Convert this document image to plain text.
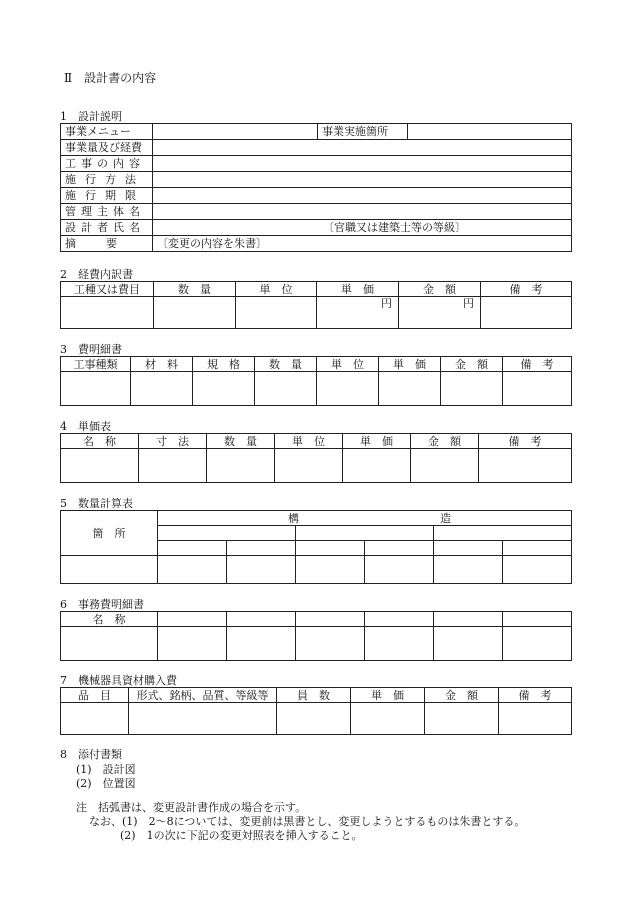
Ⅱ　設計書の内容
1　設計説明
事業メニュー		事業実施箇所	
事業量及び経費			
工事の内容			
施行方法			
施行期限			
管理主体名			
設計者氏名	〔官職又は建築士等の等級〕		
摘要	〔変更の内容を朱書〕		
2　経費内訳書
工種又は費目	数　量	単　位	単　価	金　額	備　考
			円	円	
3　費明細書
工事種類	材　料	規　格	数　量	単　位	単　価	金　額	備　考

4　単価表
名　称	寸　法	数　量	単　位	単　価	金　額	備　考

5　数量計算表
箇　所	構 造					

6　事務費明細書
名　称						

7　機械器具資材購入費
品　目	形式、銘柄、品質、等級等	員　数	単　価	金　額	備　考

8　添付書類
(1)　設計図
(2)　位置図
注　括弧書は、変更設計書作成の場合を示す。
なお、(1)　2〜8については、変更前は黒書とし、変更しようとするものは朱書とする。
(2)　1の次に下記の変更対照表を挿入すること。
